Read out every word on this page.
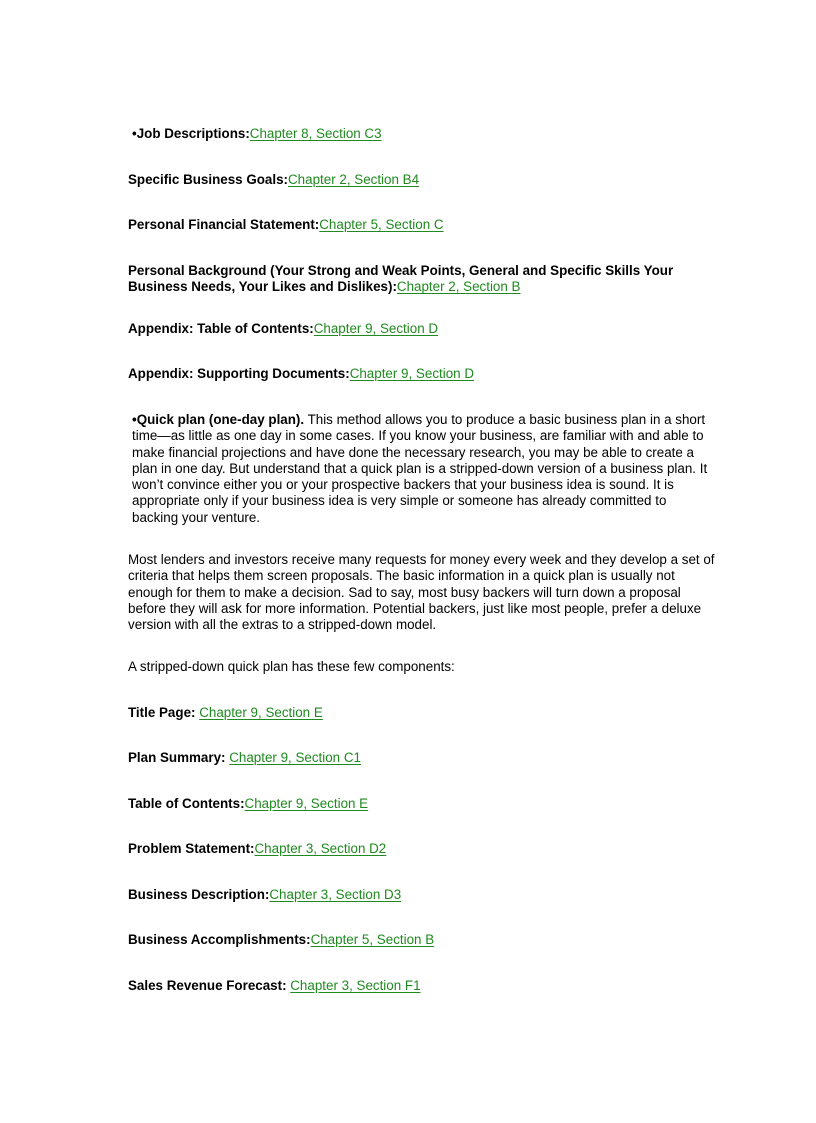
•Job Descriptions:Chapter 8, Section C3

Specific Business Goals:Chapter 2, Section B4

Personal Financial Statement:Chapter 5, Section C

Personal Background (Your Strong and Weak Points, General and Specific Skills Your Business Needs, Your Likes and Dislikes):Chapter 2, Section B

Appendix: Table of Contents:Chapter 9, Section D

Appendix: Supporting Documents:Chapter 9, Section D

•Quick plan (one-day plan). This method allows you to produce a basic business plan in a short time—as little as one day in some cases. If you know your business, are familiar with and able to make financial projections and have done the necessary research, you may be able to create a plan in one day. But understand that a quick plan is a stripped-down version of a business plan. It won’t convince either you or your prospective backers that your business idea is sound. It is appropriate only if your business idea is very simple or someone has already committed to backing your venture.

Most lenders and investors receive many requests for money every week and they develop a set of criteria that helps them screen proposals. The basic information in a quick plan is usually not enough for them to make a decision. Sad to say, most busy backers will turn down a proposal before they will ask for more information. Potential backers, just like most people, prefer a deluxe version with all the extras to a stripped-down model.

A stripped-down quick plan has these few components:

Title Page: Chapter 9, Section E

Plan Summary: Chapter 9, Section C1

Table of Contents:Chapter 9, Section E

Problem Statement:Chapter 3, Section D2

Business Description:Chapter 3, Section D3

Business Accomplishments:Chapter 5, Section B

Sales Revenue Forecast: Chapter 3, Section F1
